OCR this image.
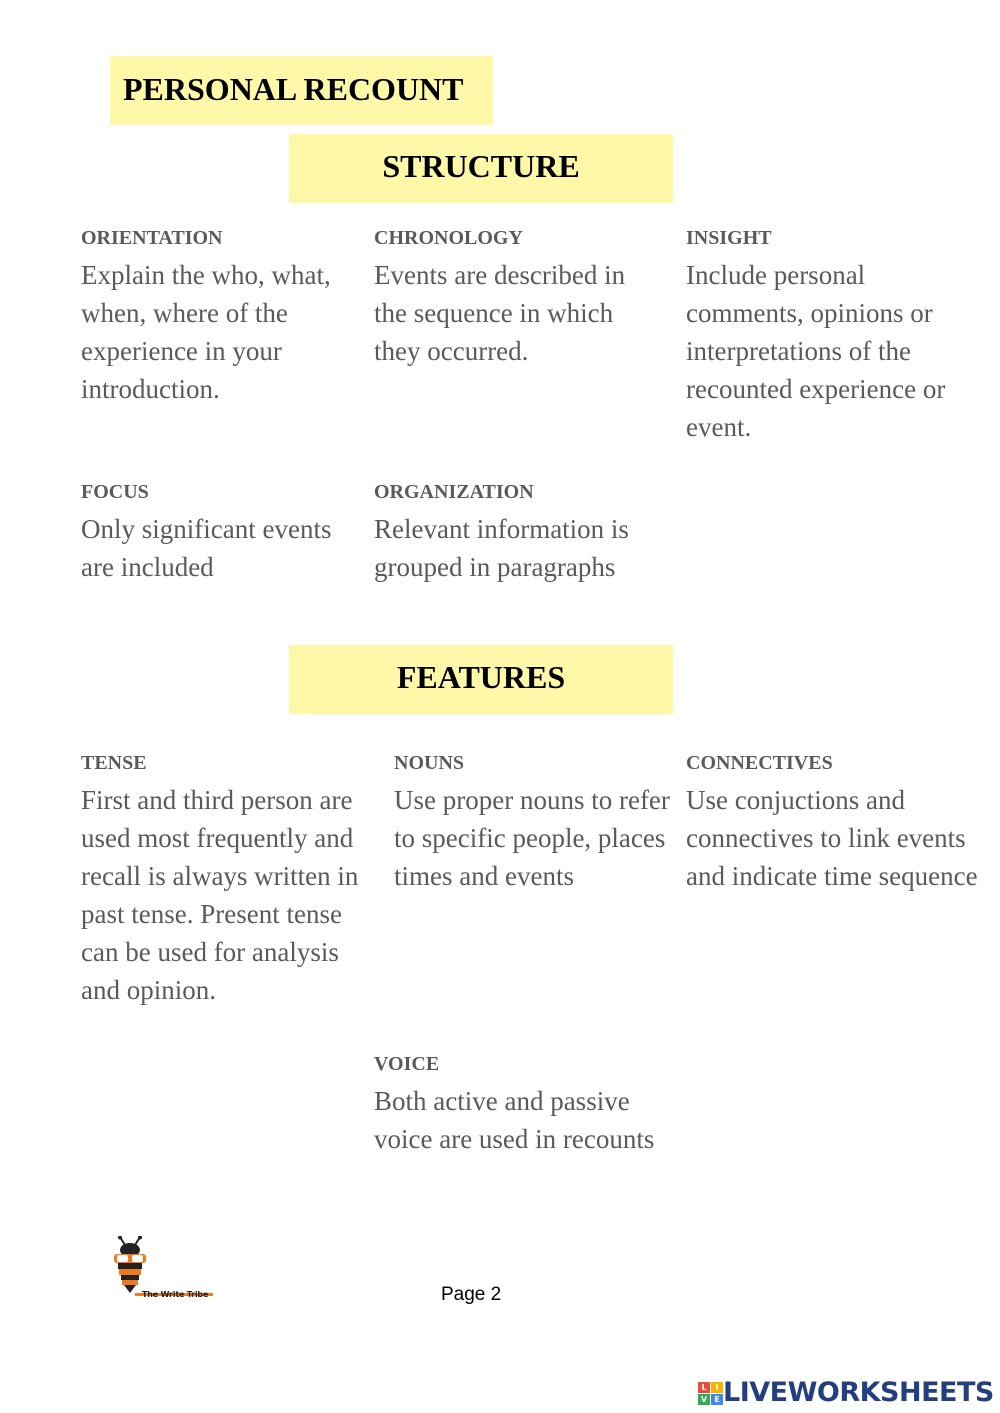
PERSONAL RECOUNT
STRUCTURE
ORIENTATION
Explain the who, what, when, where of the experience in your introduction.
CHRONOLOGY
Events are described in the sequence in which they occurred.
INSIGHT
Include personal comments, opinions or interpretations of the recounted experience or event.
FOCUS
Only significant events are included
ORGANIZATION
Relevant information is grouped in paragraphs
FEATURES
TENSE
First and third person are used most frequently and recall is always written in past tense. Present tense can be used for analysis and opinion.
NOUNS
Use proper nouns to refer to specific people, places times and events
CONNECTIVES
Use conjuctions and connectives to link events and indicate time sequence
VOICE
Both active and passive voice are used in recounts
The Write Tribe	Page 2
L	I
V E LIVEWORKSHEETS
